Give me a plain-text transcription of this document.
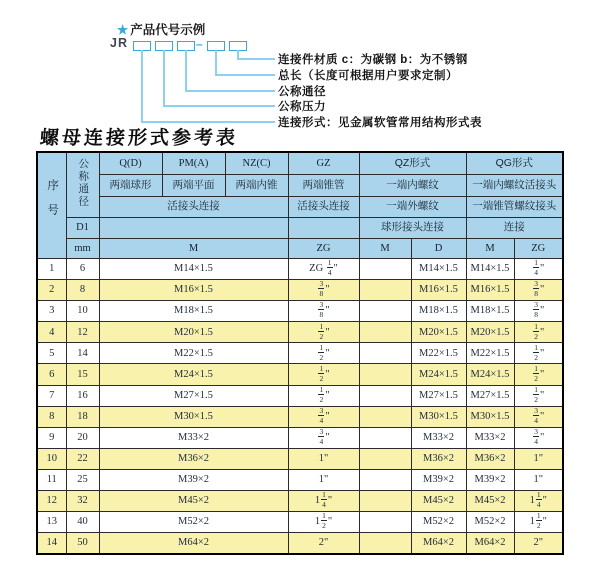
★ 产品代号示例
JR	–
连接件材质 c：为碳钢 b：为不锈钢
总长（长度可根据用户要求定制）
公称通径
公称压力
连接形式：见金属软管常用结构形式表
螺母连接形式参考表
序号	公称通径	Q(D)	PM(A)	NZ(C)	GZ	QZ形式		QG形式	
		两端球形	两端平面	两端内锥	两端锥管	一端内螺纹		一端内螺纹活接头	
		活接头连接			活接头连接	一端外螺纹		一端锥管螺纹接头	
	D1					球形接头连接		连接	
	mm	M			ZG	M	D	M	ZG
1	6	M14×1.5			ZG $\frac{1}{4}$ "		M14×1.5	M14×1.5	$\frac{1}{4}$ "
2	8	M16×1.5			$\frac{3}{8}$ "		M16×1.5	M16×1.5	$\frac{3}{8}$ "
3	10	M18×1.5			$\frac{3}{8}$ "		M18×1.5	M18×1.5	$\frac{3}{8}$ "
4	12	M20×1.5			$\frac{1}{2}$ "		M20×1.5	M20×1.5	$\frac{1}{2}$ "
5	14	M22×1.5			$\frac{1}{2}$ "		M22×1.5	M22×1.5	$\frac{1}{2}$ "
6	15	M24×1.5			$\frac{1}{2}$ "		M24×1.5	M24×1.5	$\frac{1}{2}$ "
7	16	M27×1.5			$\frac{1}{2}$ "		M27×1.5	M27×1.5	$\frac{1}{2}$ "
8	18	M30×1.5			$\frac{3}{4}$ "		M30×1.5	M30×1.5	$\frac{3}{4}$ "
9	20	M33×2			$\frac{3}{4}$ "		M33×2	M33×2	$\frac{3}{4}$ "
10	22	M36×2			1"		M36×2	M36×2	1"
11	25	M39×2			1"		M39×2	M39×2	1"
12	32	M45×2			$1 \frac{1}{4}$ "		M45×2	M45×2	$1 \frac{1}{4}$ "
13	40	M52×2			$1 \frac{1}{2}$ "		M52×2	M52×2	$1 \frac{1}{2}$ "
14	50	M64×2			2"		M64×2	M64×2	2"
